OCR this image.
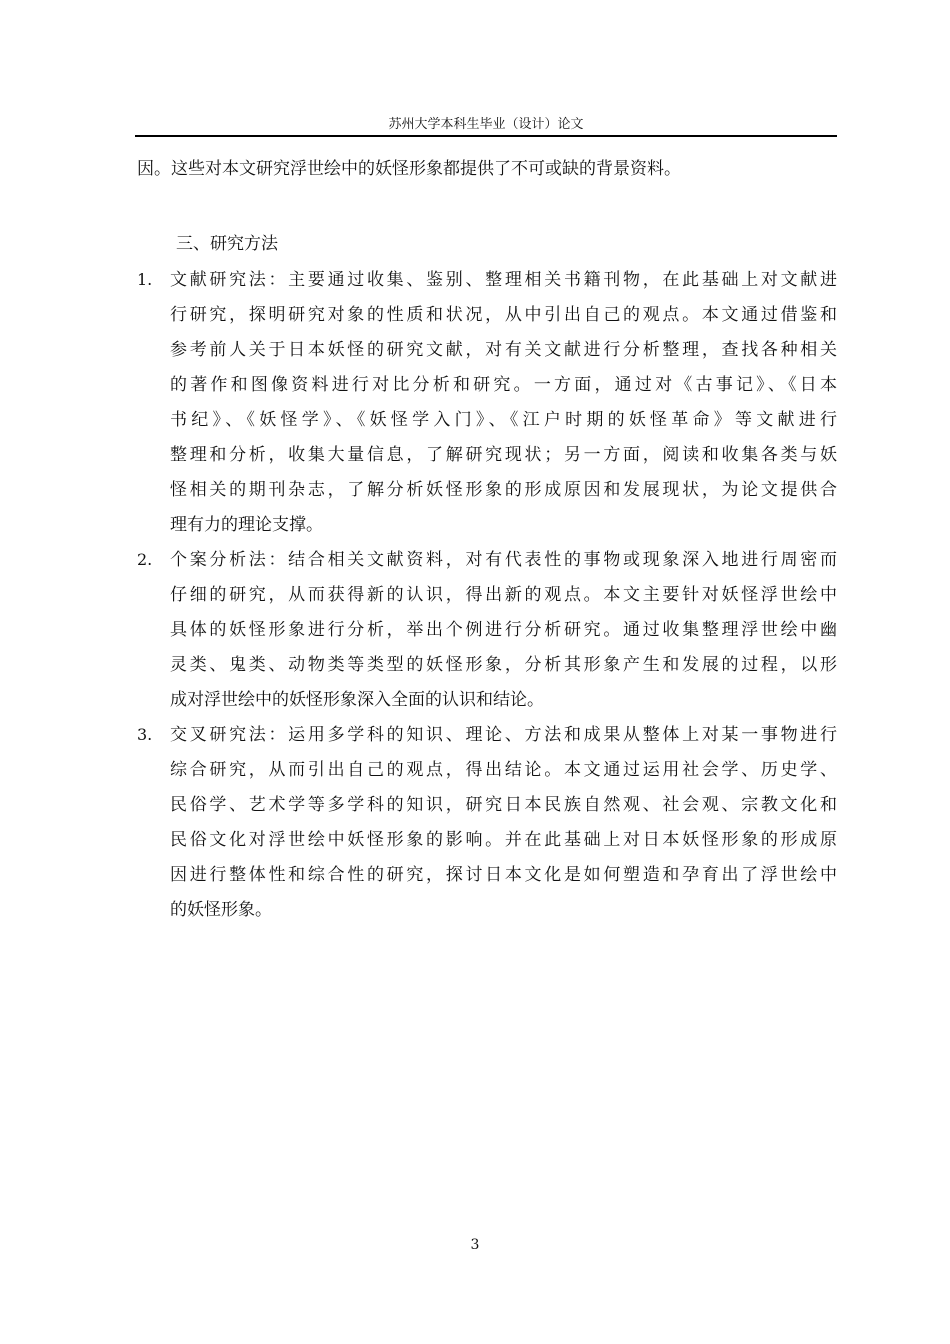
苏州大学本科生毕业（设计）论文
因。这些对本文研究浮世绘中的妖怪形象都提供了不可或缺的背景资料。
三、研究方法
1. 文献研究法：主要通过收集、鉴别、整理相关书籍刊物，在此基础上对文献进
行研究，探明研究对象的性质和状况，从中引出自己的观点。本文通过借鉴和
参考前人关于日本妖怪的研究文献，对有关文献进行分析整理，查找各种相关
的著作和图像资料进行对比分析和研究。一方面，通过对《古事记》、《日本
书纪》、《妖怪学》、《妖怪学入门》、《江户时期的妖怪革命》等文献进行
整理和分析，收集大量信息，了解研究现状；另一方面，阅读和收集各类与妖
怪相关的期刊杂志，了解分析妖怪形象的形成原因和发展现状，为论文提供合
理有力的理论支撑。
2. 个案分析法：结合相关文献资料，对有代表性的事物或现象深入地进行周密而
仔细的研究，从而获得新的认识，得出新的观点。本文主要针对妖怪浮世绘中
具体的妖怪形象进行分析，举出个例进行分析研究。通过收集整理浮世绘中幽
灵类、鬼类、动物类等类型的妖怪形象，分析其形象产生和发展的过程，以形
成对浮世绘中的妖怪形象深入全面的认识和结论。
3. 交叉研究法：运用多学科的知识、理论、方法和成果从整体上对某一事物进行
综合研究，从而引出自己的观点，得出结论。本文通过运用社会学、历史学、
民俗学、艺术学等多学科的知识，研究日本民族自然观、社会观、宗教文化和
民俗文化对浮世绘中妖怪形象的影响。并在此基础上对日本妖怪形象的形成原
因进行整体性和综合性的研究，探讨日本文化是如何塑造和孕育出了浮世绘中
的妖怪形象。
3
